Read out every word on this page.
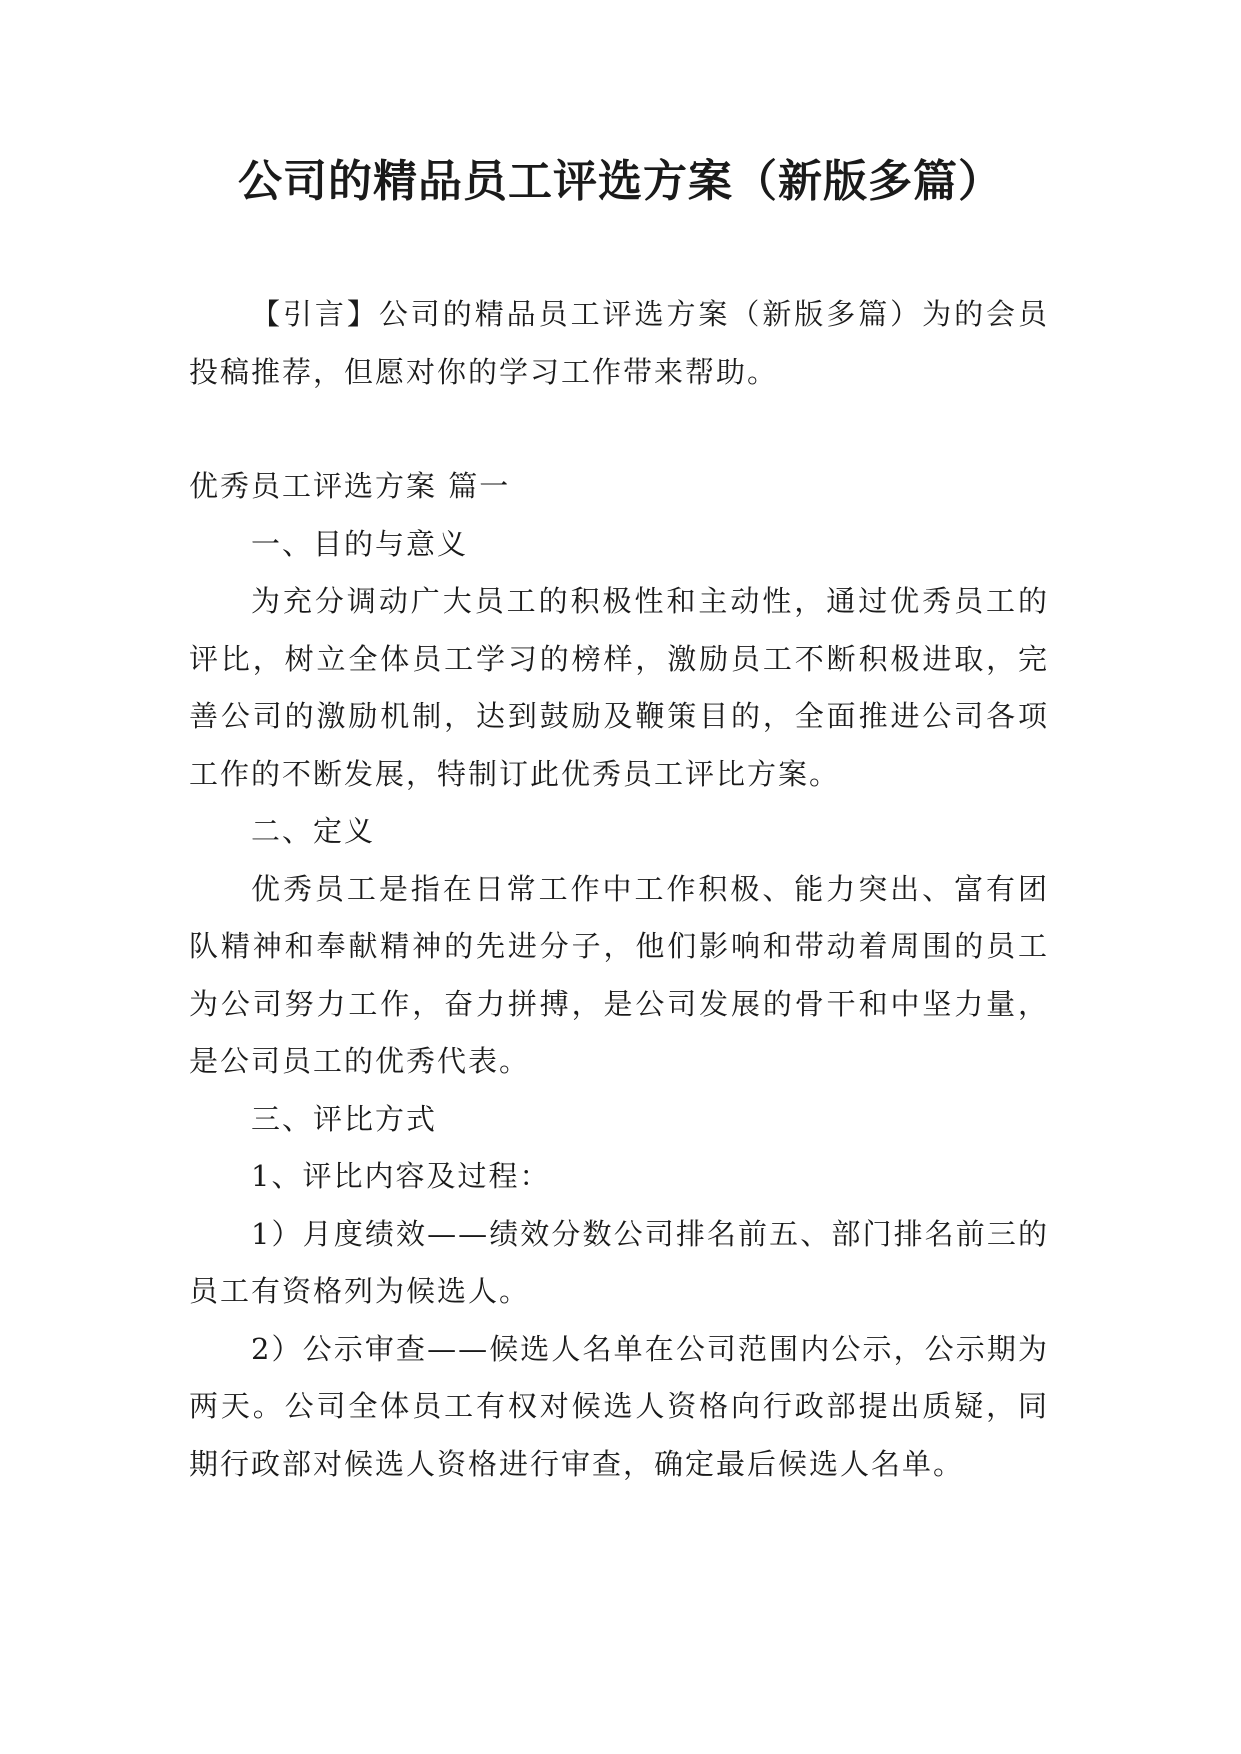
公司的精品员工评选方案（新版多篇）

【引言】公司的精品员工评选方案（新版多篇）为的会员投稿推荐，但愿对你的学习工作带来帮助。

优秀员工评选方案 篇一

一、目的与意义

为充分调动广大员工的积极性和主动性，通过优秀员工的评比，树立全体员工学习的榜样，激励员工不断积极进取，完善公司的激励机制，达到鼓励及鞭策目的，全面推进公司各项工作的不断发展，特制订此优秀员工评比方案。

二、定义

优秀员工是指在日常工作中工作积极、能力突出、富有团队精神和奉献精神的先进分子，他们影响和带动着周围的员工为公司努力工作，奋力拼搏，是公司发展的骨干和中坚力量，是公司员工的优秀代表。

三、评比方式

1、评比内容及过程：

1）月度绩效——绩效分数公司排名前五、部门排名前三的员工有资格列为候选人。

2）公示审查——候选人名单在公司范围内公示，公示期为两天。公司全体员工有权对候选人资格向行政部提出质疑，同期行政部对候选人资格进行审查，确定最后候选人名单。
